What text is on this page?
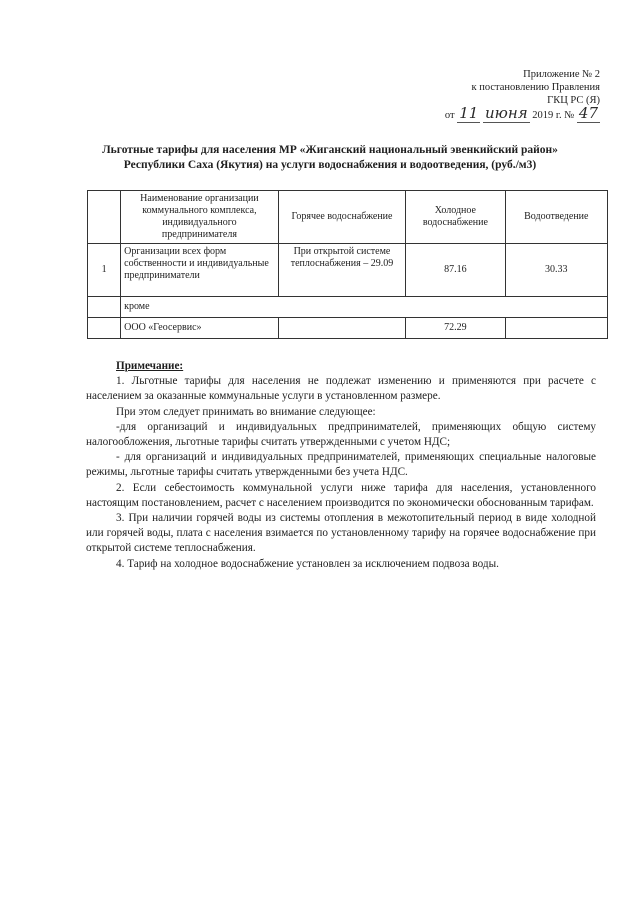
Приложение № 2
к постановлению Правления
ГКЦ РС (Я)
от 11 июня 2019 г. № 47
Льготные тарифы для населения МР «Жиганский национальный эвенкийский район»
Республики Саха (Якутия) на услуги водоснабжения и водоотведения, (руб./м3)
	Наименование организации коммунального комплекса, индивидуального предпринимателя	Горячее водоснабжение	Холодное водоснабжение	Водоотведение
1	Организации всех форм собственности и индивидуальные предприниматели	При открытой системе теплоснабжения – 29.09	87.16	30.33
	кроме			
	ООО «Геосервис»		72.29	

Примечание:

1. Льготные тарифы для населения не подлежат изменению и применяются при расчете с населением за оказанные коммунальные услуги в установленном размере.

При этом следует принимать во внимание следующее:

-для организаций и индивидуальных предпринимателей, применяющих общую систему налогообложения, льготные тарифы считать утвержденными с учетом НДС;

- для организаций и индивидуальных предпринимателей, применяющих специальные налоговые режимы, льготные тарифы считать утвержденными без учета НДС.

2. Если себестоимость коммунальной услуги ниже тарифа для населения, установленного настоящим постановлением, расчет с населением производится по экономически обоснованным тарифам.

3. При наличии горячей воды из системы отопления в межотопительный период в виде холодной или горячей воды, плата с населения взимается по установленному тарифу на горячее водоснабжение при открытой системе теплоснабжения.

4. Тариф на холодное водоснабжение установлен за исключением подвоза воды.
